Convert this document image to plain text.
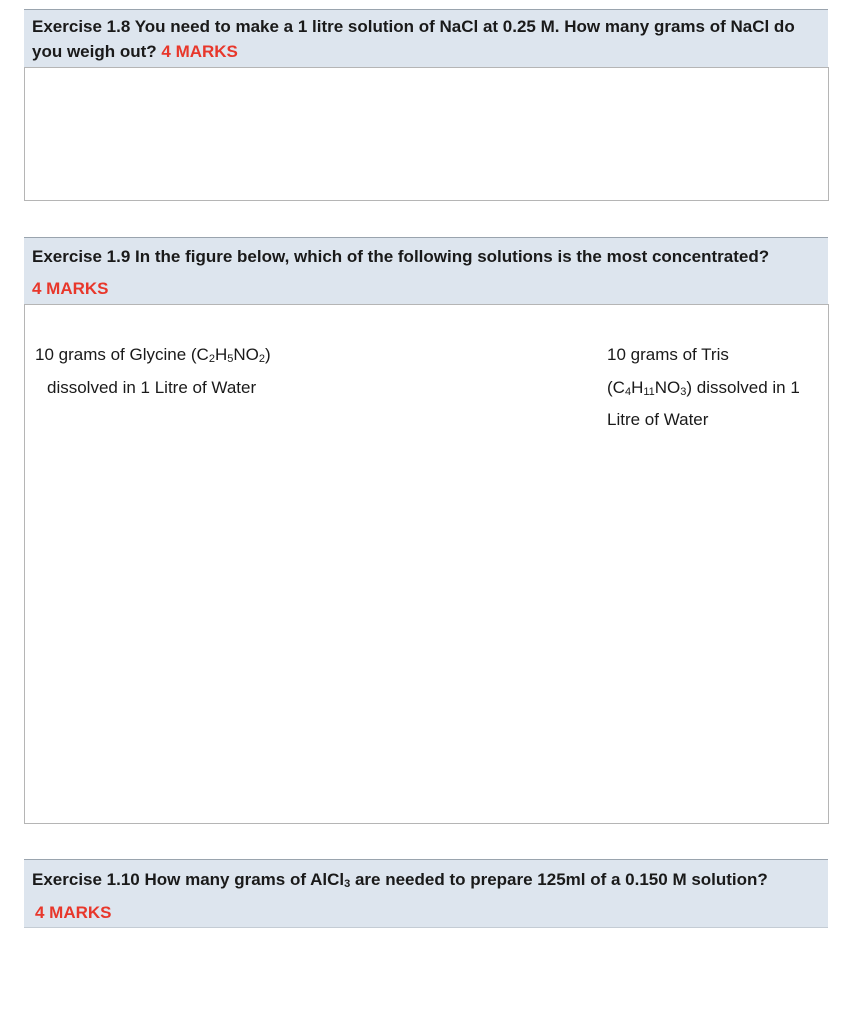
Exercise 1.8 You need to make a 1 litre solution of NaCl at 0.25 M. How many grams of NaCl do you weigh out? 4 MARKS
Exercise 1.9 In the figure below, which of the following solutions is the most concentrated?
4 MARKS
10 grams of Glycine $(C_2H_5NO_2)$
dissolved in 1 Litre of Water
10 grams of Tris
$(C_4H_{11}NO_3)$ dissolved in 1
Litre of Water
Exercise 1.10 How many grams of AlCl$_3$ are needed to prepare 125ml of a 0.150 M solution?
4 MARKS
